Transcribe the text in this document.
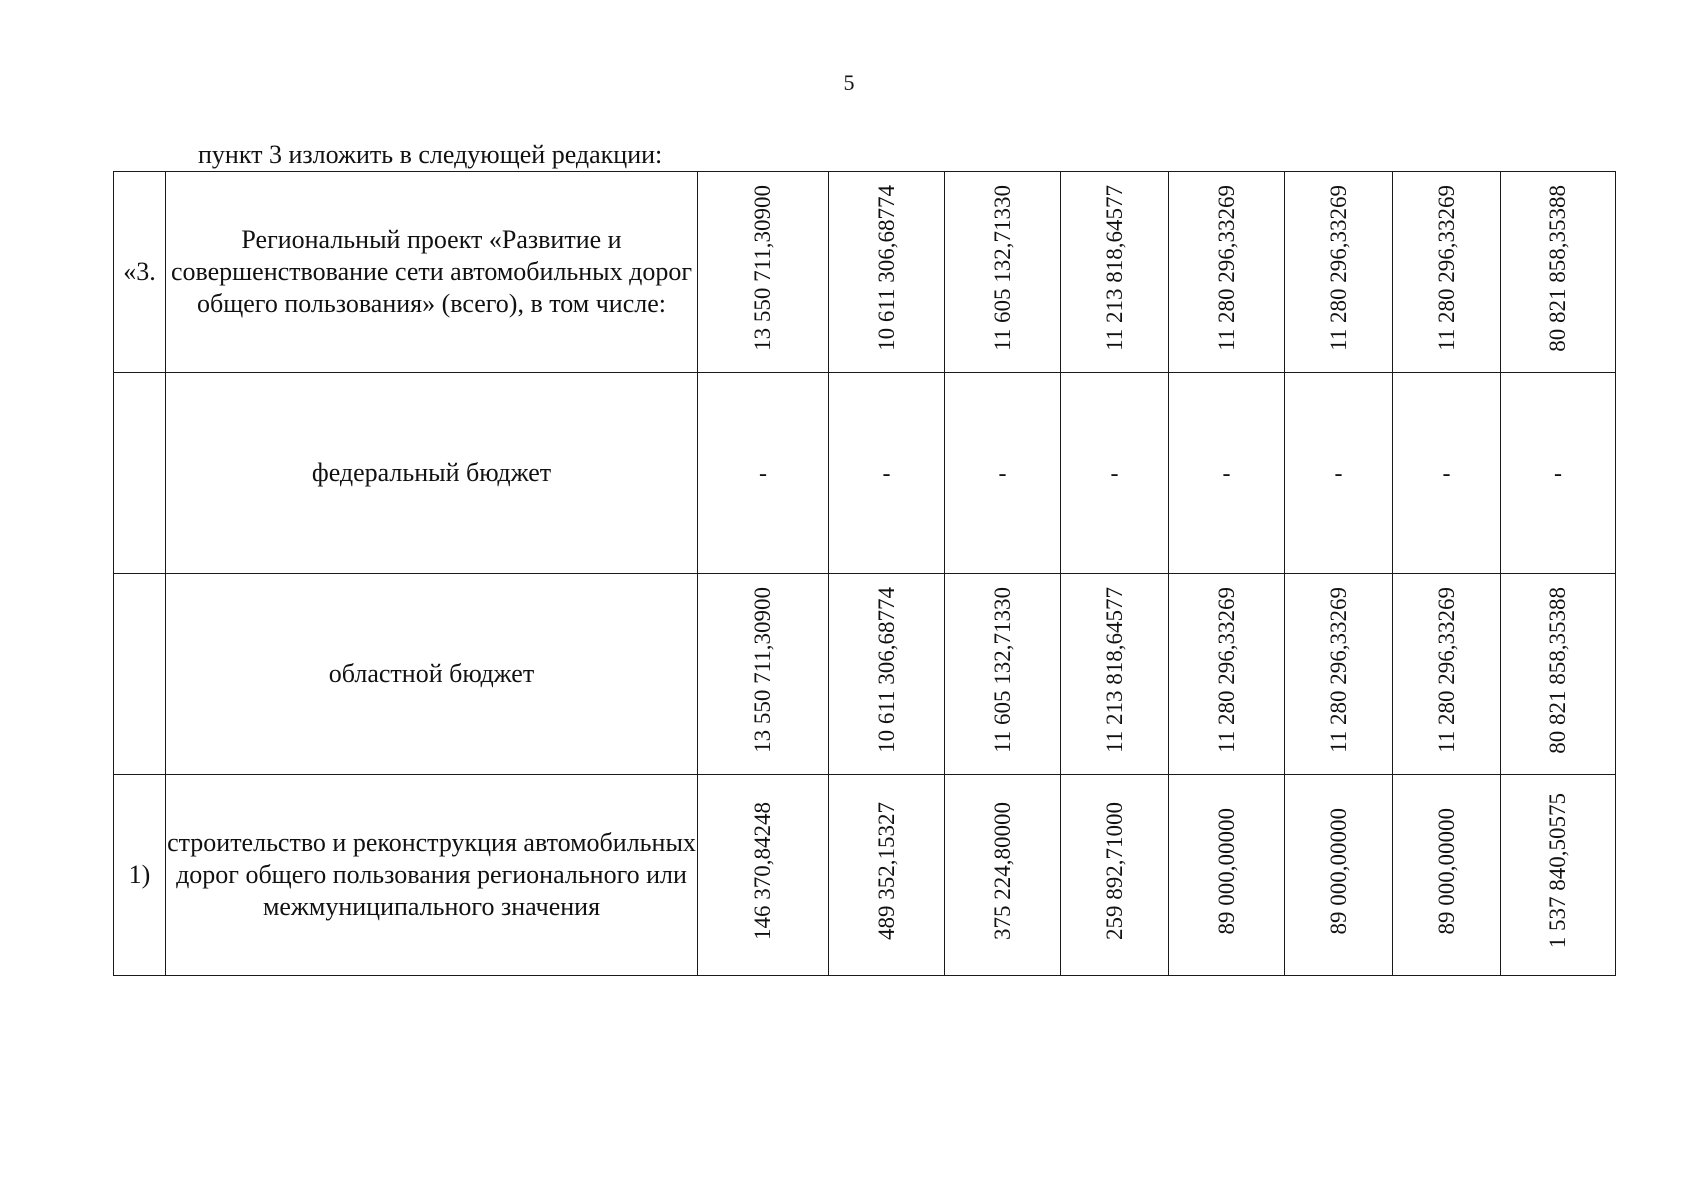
5
пункт 3 изложить в следующей редакции:
«3.	Региональный проект «Развитие и совершенствование сети автомобильных дорог общего пользования» (всего), в том числе:	13 550 711,30900	10 611 306,68774	11 605 132,71330	11 213 818,64577	11 280 296,33269	11 280 296,33269	11 280 296,33269	80 821 858,35388
	федеральный бюджет	-	-	-	-	-	-	-	-
	областной бюджет	13 550 711,30900	10 611 306,68774	11 605 132,71330	11 213 818,64577	11 280 296,33269	11 280 296,33269	11 280 296,33269	80 821 858,35388
1)	строительство и реконструкция автомобильных дорог общего пользования регионального или межмуниципального значения	146 370,84248	489 352,15327	375 224,80000	259 892,71000	89 000,00000	89 000,00000	89 000,00000	1 537 840,50575
